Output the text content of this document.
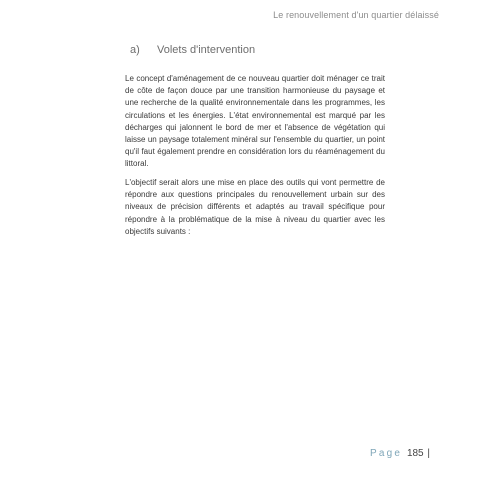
Le renouvellement d'un quartier délaissé
a) Volets d'intervention
Le concept d'aménagement de ce nouveau quartier doit ménager ce trait de côte de façon douce par une transition harmonieuse du paysage et une recherche de la qualité environnementale dans les programmes, les circulations et les énergies. L'état environnemental est marqué par les décharges qui jalonnent le bord de mer et l'absence de végétation qui laisse un paysage totalement minéral sur l'ensemble du quartier, un point qu'il faut également prendre en considération lors du réaménagement du littoral.
L'objectif serait alors une mise en place des outils qui vont permettre de répondre aux questions principales du renouvellement urbain sur des niveaux de précision différents et adaptés au travail spécifique pour répondre à la problématique de la mise à niveau du quartier avec les objectifs suivants :
Page 185 |
